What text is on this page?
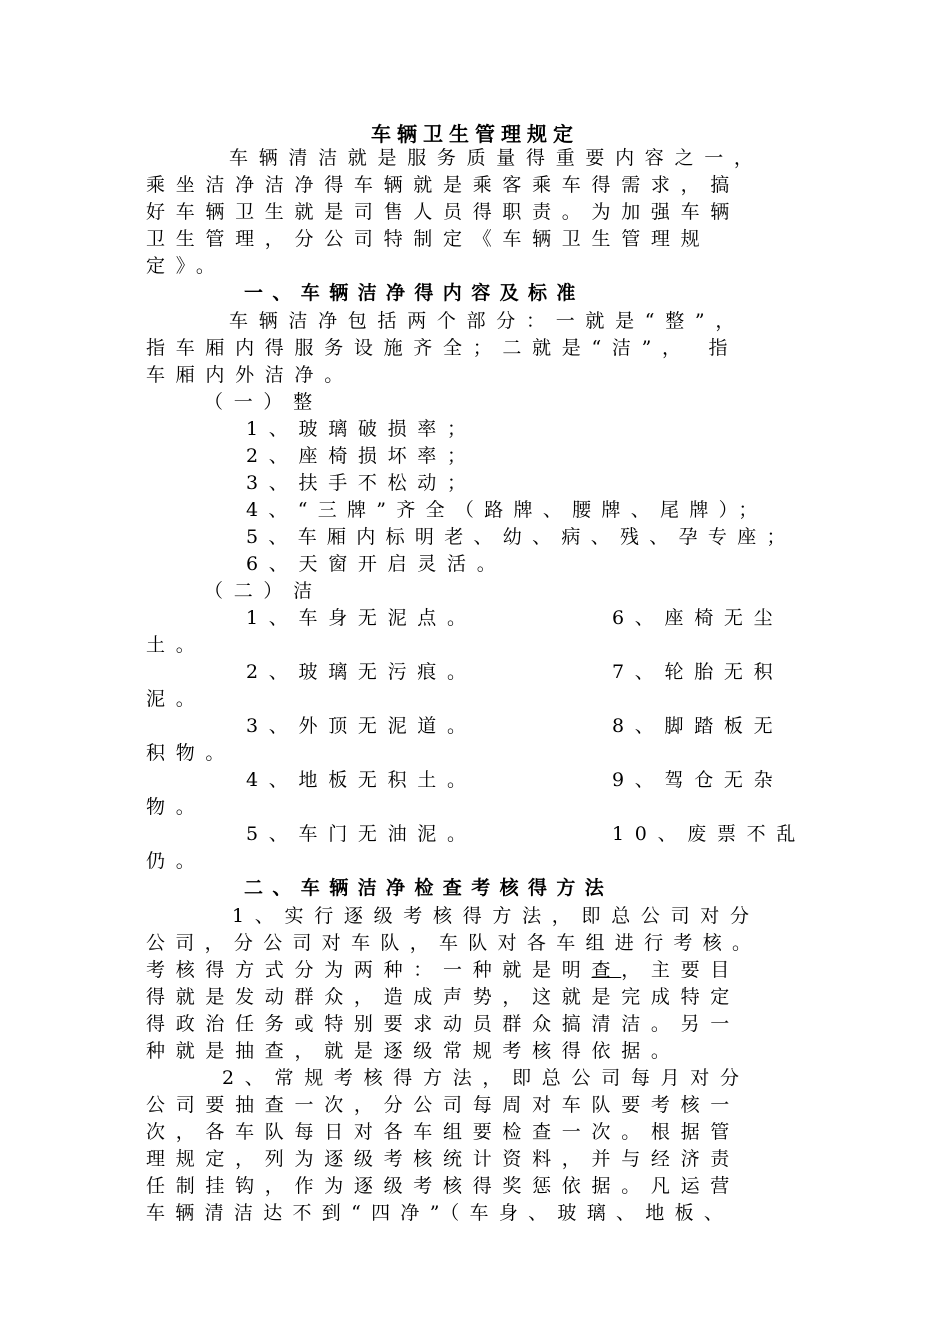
车辆卫生管理规定

车辆清洁就是服务质量得重要内容之一，

乘坐洁净洁净得车辆就是乘客乘车得需求，搞

好车辆卫生就是司售人员得职责。为加强车辆

卫生管理，分公司特制定《车辆卫生管理规

定》。

一、车辆洁净得内容及标准

车辆洁净包括两个部分：一就是“整”，

指车厢内得服务设施齐全；二就是“洁”， 指

车厢内外洁净。

（一）整

1、玻璃破损率；

2、座椅损坏率；

3、扶手不松动；

4、“三牌”齐全（路牌、腰牌、尾牌）；

5、车厢内标明老、幼、病、残、孕专座；

6、天窗开启灵活。

（二）洁

1、车身无泥点。	6、座椅无尘

土。

2、玻璃无污痕。	7、轮胎无积

泥。

3、外顶无泥道。	8、脚踏板无

积物。

4、地板无积土。	9、驾仓无杂

物。

5、车门无油泥。	10、废票不乱

仍。

二、车辆洁净检查考核得方法

1、实行逐级考核得方法，即总公司对分

公司，分公司对车队，车队对各车组进行考核。

考核得方式分为两种：一种就是明查，主要目

得就是发动群众，造成声势，这就是完成特定

得政治任务或特别要求动员群众搞清洁。另一

种就是抽查，就是逐级常规考核得依据。

2、常规考核得方法，即总公司每月对分

公司要抽查一次，分公司每周对车队要考核一

次，各车队每日对各车组要检查一次。根据管

理规定，列为逐级考核统计资料，并与经济责

任制挂钩，作为逐级考核得奖惩依据。凡运营

车辆清洁达不到“四净”（车身、玻璃、地板、
